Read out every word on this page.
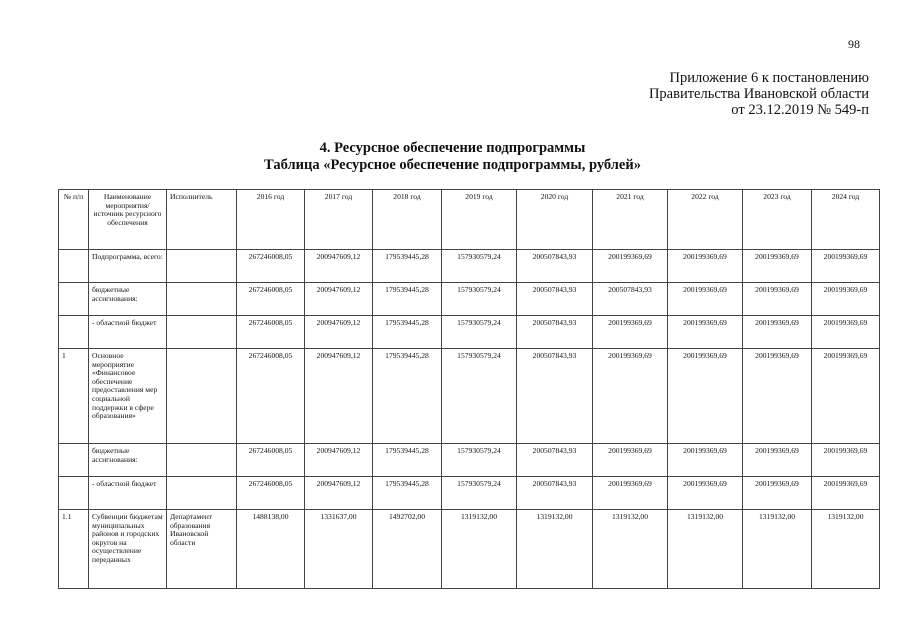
98
Приложение 6 к постановлению
Правительства Ивановской области
от 23.12.2019 № 549-п
4. Ресурсное обеспечение подпрограммы
Таблица «Ресурсное обеспечение подпрограммы, рублей»
№ п/п	Наименование мероприятия/ источник ресурсного обеспечения	Исполнитель	2016 год	2017 год	2018 год	2019 год	2020 год	2021 год	2022 год	2023 год	2024 год
	Подпрограмма, всего:		267246008,05	200947609,12	179539445,28	157930579,24	200507843,93	200199369,69	200199369,69	200199369,69	200199369,69
	бюджетные ассигнования:		267246008,05	200947609,12	179539445,28	157930579,24	200507843,93	200507843,93	200199369,69	200199369,69	200199369,69
	- областной бюджет		267246008,05	200947609,12	179539445,28	157930579,24	200507843,93	200199369,69	200199369,69	200199369,69	200199369,69
1	Основное мероприятие «Финансовое обеспечение предоставления мер социальной поддержки в сфере образования»		267246008,05	200947609,12	179539445,28	157930579,24	200507843,93	200199369,69	200199369,69	200199369,69	200199369,69
	бюджетные ассигнования:		267246008,05	200947609,12	179539445,28	157930579,24	200507843,93	200199369,69	200199369,69	200199369,69	200199369,69
	- областной бюджет		267246008,05	200947609,12	179539445,28	157930579,24	200507843,93	200199369,69	200199369,69	200199369,69	200199369,69
1.1	Субвенции бюджетам муниципальных районов и городских округов на осуществление переданных	Департамент образования Ивановской области	1488138,00	1331637,00	1492702,00	1319132,00	1319132,00	1319132,00	1319132,00	1319132,00	1319132,00
